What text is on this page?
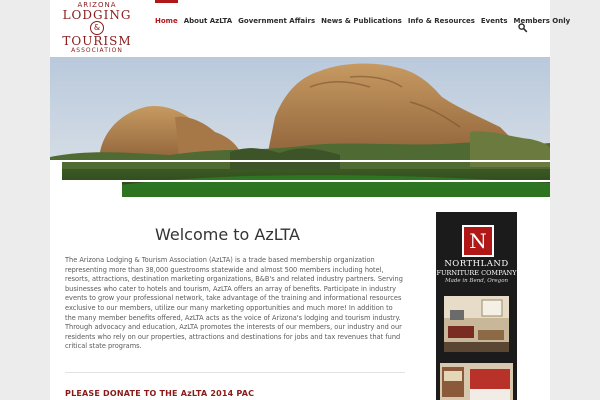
ARIZONA
LODGING
&
TOURISM
ASSOCIATION
Home About AzLTA Government Affairs News & Publications Info & Resources Events Members Only
Welcome to AzLTA
The Arizona Lodging & Tourism Association (AzLTA) is a trade based membership organization representing more than 38,000 guestrooms statewide and almost 500 members including hotel, resorts, attractions, destination marketing organizations, B&B's and related industry partners. Serving businesses who cater to hotels and tourism, AzLTA offers an array of benefits. Participate in industry events to grow your professional network, take advantage of the training and informational resources exclusive to our members, utilize our many marketing opportunities and much more! In addition to the many member benefits offered, AzLTA acts as the voice of Arizona's lodging and tourism industry. Through advocacy and education, AzLTA promotes the interests of our members, our industry and our residents who rely on our properties, attractions and destinations for jobs and tax revenues that fund critical state programs.
PLEASE DONATE TO THE AzLTA 2014 PAC
N
NORTHLAND
FURNITURE COMPANY
Made in Bend, Oregon
